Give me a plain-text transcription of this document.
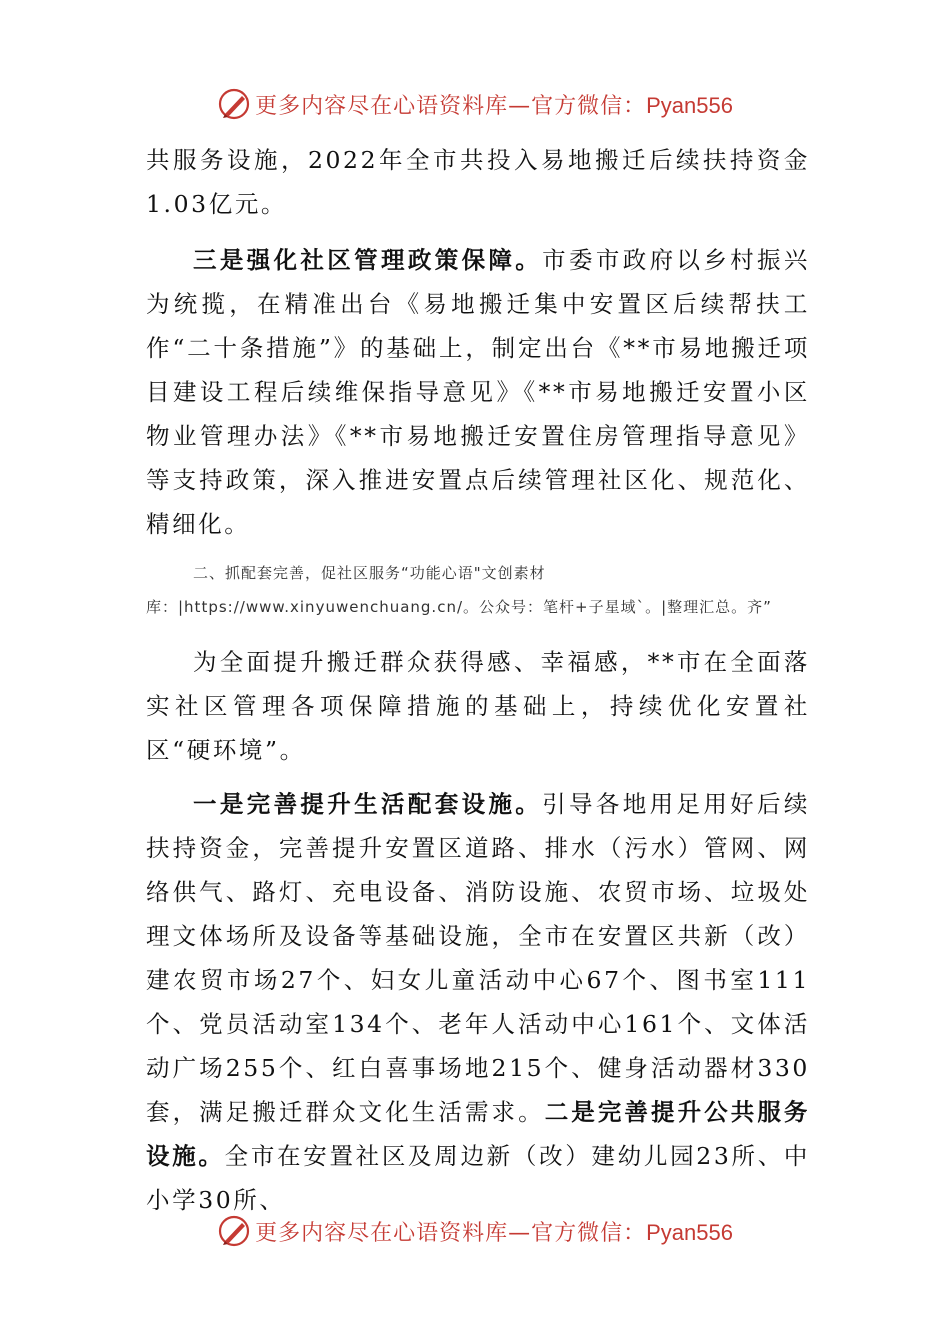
更多内容尽在心语资料库—官方微信：Pyan556

共服务设施，2022年全市共投入易地搬迁后续扶持资金1.03亿元。

三是强化社区管理政策保障。市委市政府以乡村振兴为统揽，在精准出台《易地搬迁集中安置区后续帮扶工作“二十条措施”》的基础上，制定出台《**市易地搬迁项目建设工程后续维保指导意见》《**市易地搬迁安置小区物业管理办法》《**市易地搬迁安置住房管理指导意见》等支持政策，深入推进安置点后续管理社区化、规范化、精细化。

二、抓配套完善，促社区服务“功能心语"文创素材库：|https://www.xinyuwenchuang.cn/。公众号：笔杆+子星域`。|整理汇总。齐”

为全面提升搬迁群众获得感、幸福感，**市在全面落实社区管理各项保障措施的基础上，持续优化安置社区“硬环境”。

一是完善提升生活配套设施。引导各地用足用好后续扶持资金，完善提升安置区道路、排水（污水）管网、网络供气、路灯、充电设备、消防设施、农贸市场、垃圾处理文体场所及设备等基础设施，全市在安置区共新（改）建农贸市场27个、妇女儿童活动中心67个、图书室111个、党员活动室134个、老年人活动中心161个、文体活动广场255个、红白喜事场地215个、健身活动器材330套，满足搬迁群众文化生活需求。二是完善提升公共服务设施。全市在安置社区及周边新（改）建幼儿园23所、中小学30所、

更多内容尽在心语资料库—官方微信：Pyan556
